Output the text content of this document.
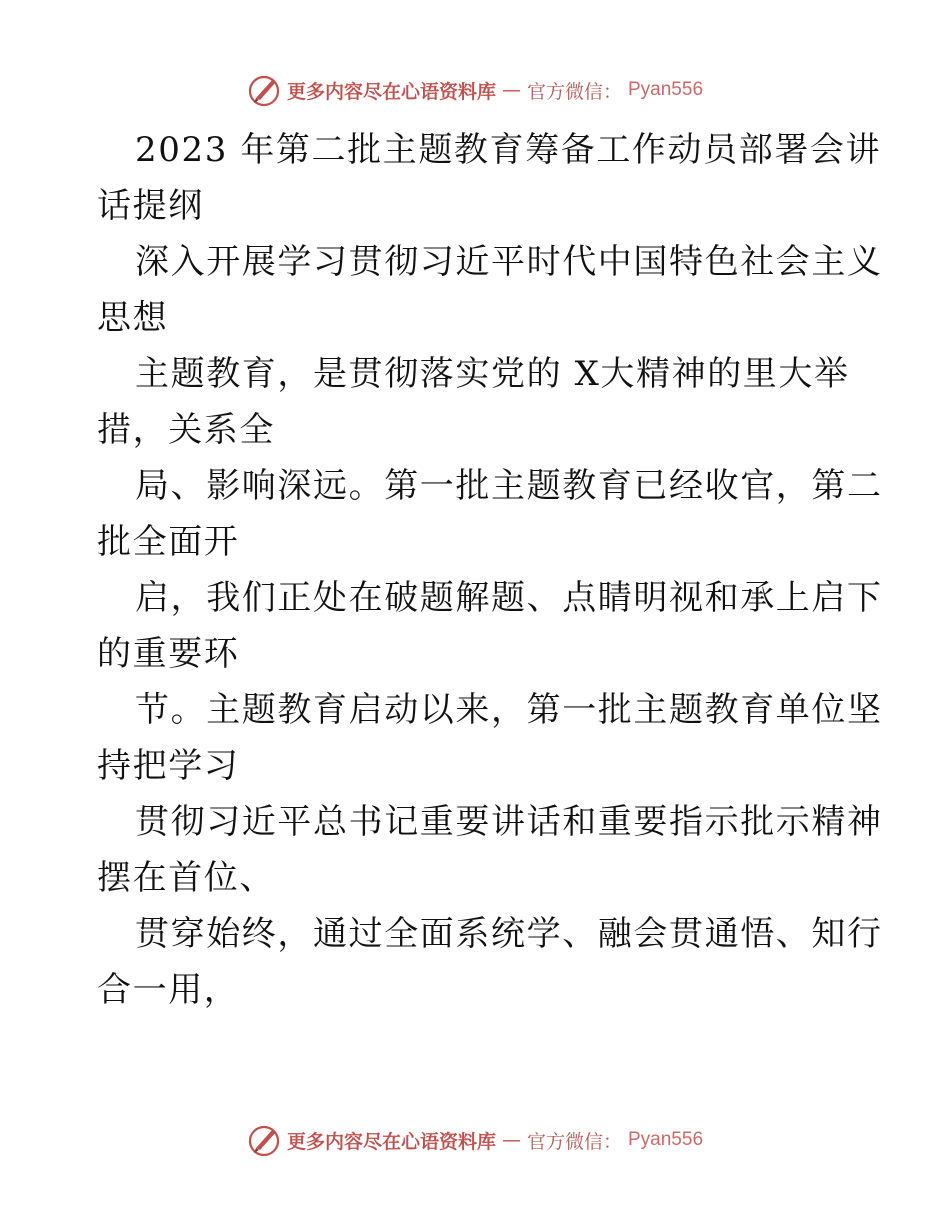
更多内容尽在心语资料库 — 官方微信： Pyan556
2023 年第二批主题教育筹备工作动员部署会讲
话提纲
深入开展学习贯彻习近平时代中国特色社会主义
思想
主题教育，是贯彻落实党的 X大精神的里大举
措，关系全
局、影响深远。第一批主题教育已经收官，第二
批全面开
启，我们正处在破题解题、点睛明视和承上启下
的重要环
节。主题教育启动以来，第一批主题教育单位坚
持把学习
贯彻习近平总书记重要讲话和重要指示批示精神
摆在首位、
贯穿始终，通过全面系统学、融会贯通悟、知行
合一用，
更多内容尽在心语资料库 — 官方微信： Pyan556
